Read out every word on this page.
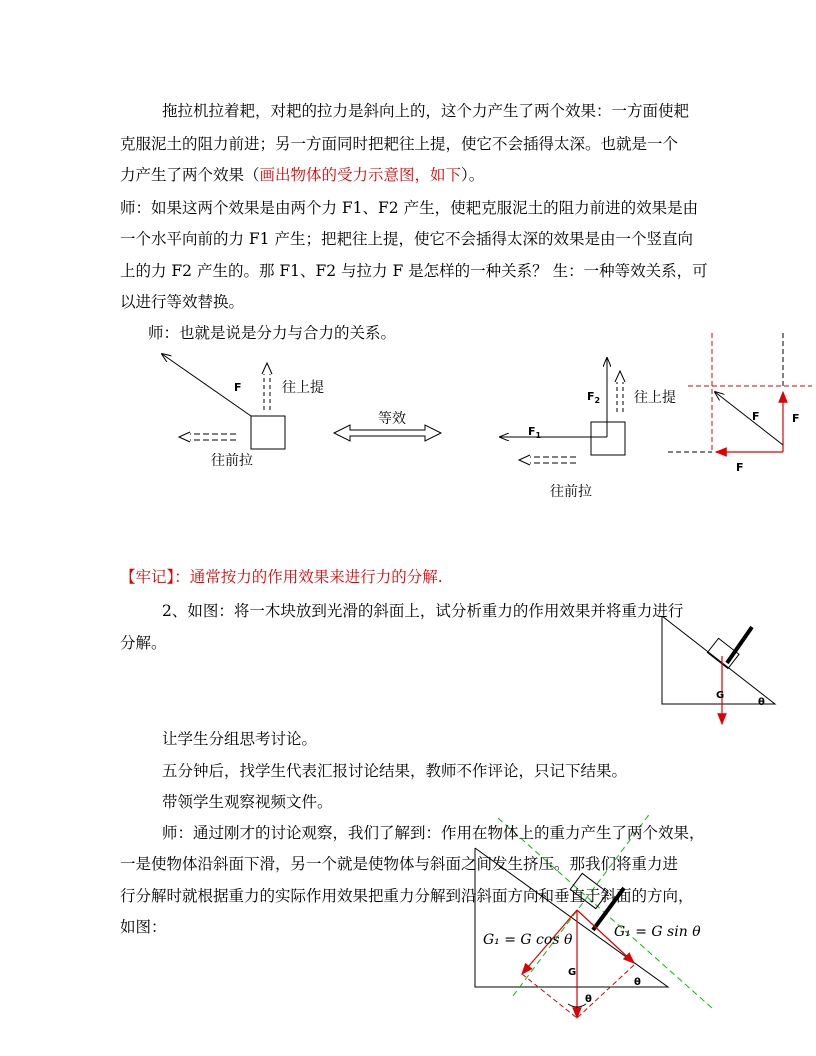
拖拉机拉着耙，对耙的拉力是斜向上的，这个力产生了两个效果：一方面使耙
克服泥土的阻力前进；另一方面同时把耙往上提，使它不会插得太深。也就是一个
力产生了两个效果（画出物体的受力示意图，如下）。
师：如果这两个效果是由两个力 F1、F2 产生，使耙克服泥土的阻力前进的效果是由
一个水平向前的力 F1 产生；把耙往上提，使它不会插得太深的效果是由一个竖直向
上的力 F2 产生的。那 F1、F2 与拉力 F 是怎样的一种关系？ 生：一种等效关系，可
以进行等效替换。
师：也就是说是分力与合力的关系。
F	往上提
往前拉
等效
$F_1$
$F_2$ 往上提
往前拉
F	F
F
【牢记】：通常按力的作用效果来进行力的分解.
2、如图：将一木块放到光滑的斜面上，试分析重力的作用效果并将重力进行
分解。
G
θ
让学生分组思考讨论。
五分钟后，找学生代表汇报讨论结果，教师不作评论，只记下结果。
带领学生观察视频文件。
师：通过刚才的讨论观察，我们了解到：作用在物体上的重力产生了两个效果，
一是使物体沿斜面下滑，另一个就是使物体与斜面之间发生挤压。那我们将重力进
行分解时就根据重力的实际作用效果把重力分解到沿斜面方向和垂直于斜面的方向，
如图：
G₁ = G cos θ	G₁ = G sin θ
G
θ
θ
